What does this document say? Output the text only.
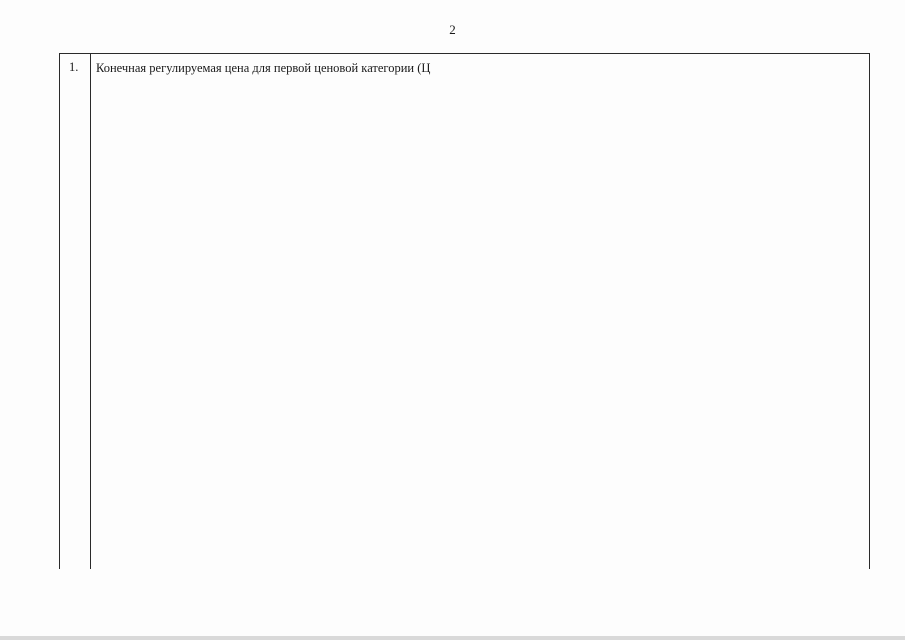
2
1. Конечная регулируемая цена для первой ценовой категории (Ц
